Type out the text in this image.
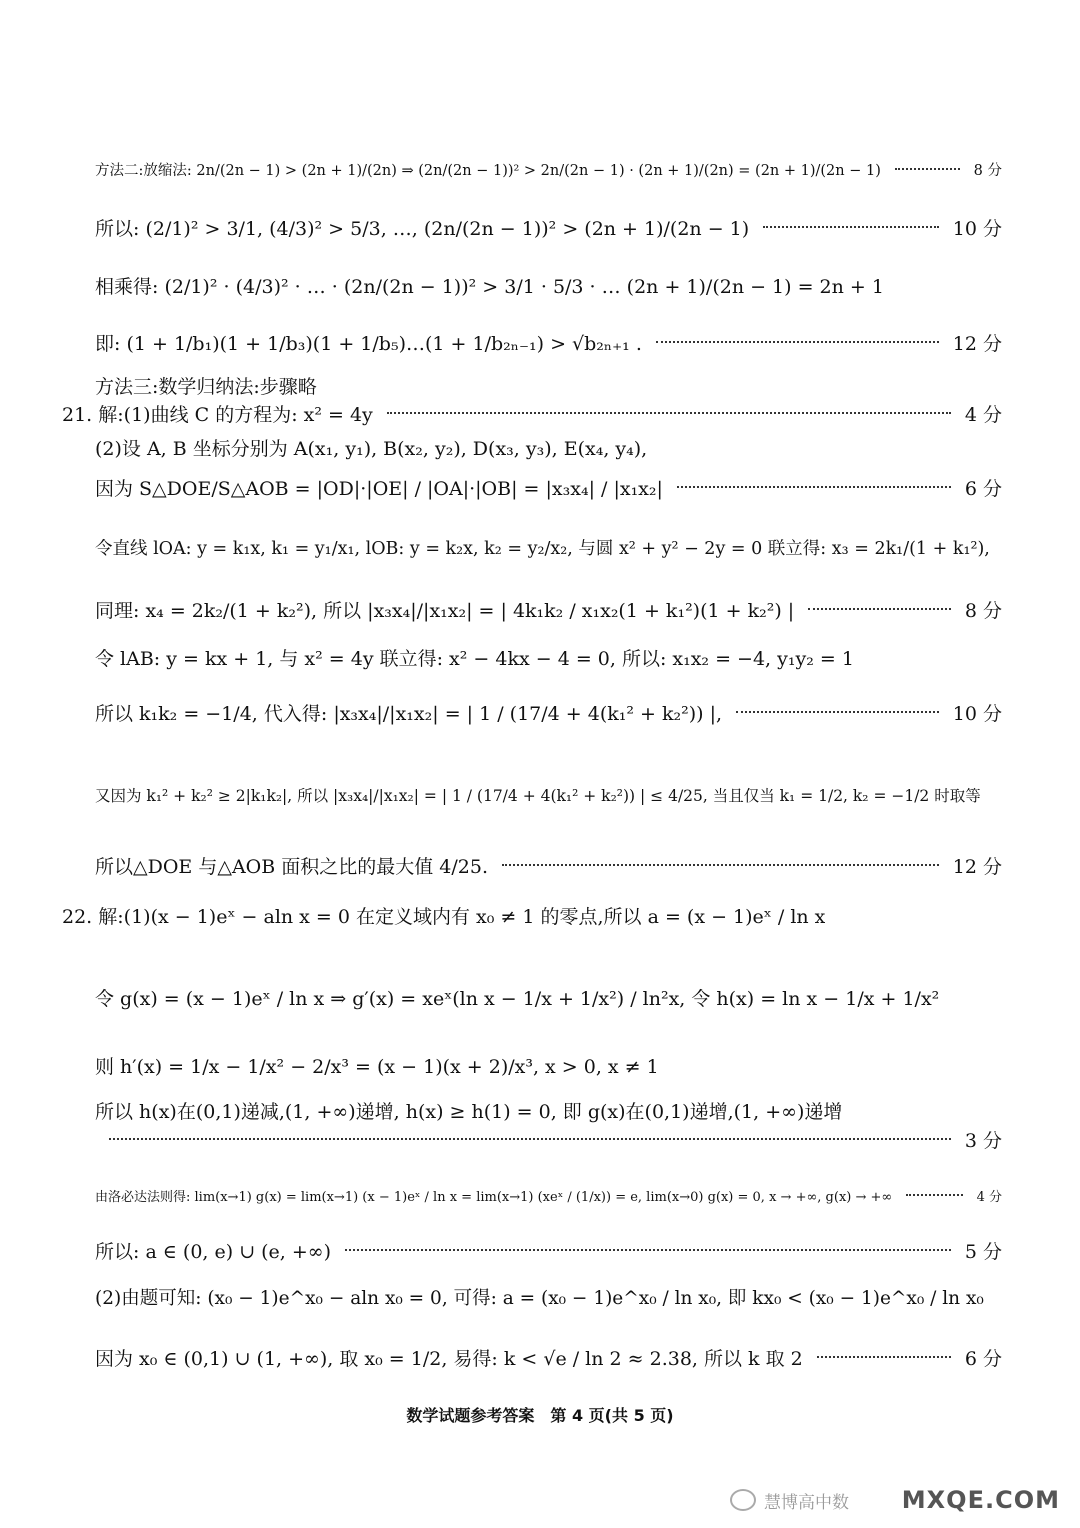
方法二:放缩法: 2n/(2n − 1) > (2n + 1)/(2n) ⇒ (2n/(2n − 1))² > 2n/(2n − 1) · (2n + 1)/(2n) = (2n + 1)/(2n − 1)	8 分
所以: (2/1)² > 3/1, (4/3)² > 5/3, …, (2n/(2n − 1))² > (2n + 1)/(2n − 1)	10 分
相乘得: (2/1)² · (4/3)² · … · (2n/(2n − 1))² > 3/1 · 5/3 · … (2n + 1)/(2n − 1) = 2n + 1
即: (1 + 1/b₁)(1 + 1/b₃)(1 + 1/b₅)…(1 + 1/b₂ₙ₋₁) > √b₂ₙ₊₁ .	12 分
方法三:数学归纳法:步骤略
21. 解:(1)曲线 C 的方程为: x² = 4y	4 分
(2)设 A, B 坐标分别为 A(x₁, y₁), B(x₂, y₂), D(x₃, y₃), E(x₄, y₄),
因为 S△DOE/S△AOB = |OD|·|OE| / |OA|·|OB| = |x₃x₄| / |x₁x₂|	6 分
令直线 lOA: y = k₁x, k₁ = y₁/x₁, lOB: y = k₂x, k₂ = y₂/x₂, 与圆 x² + y² − 2y = 0 联立得: x₃ = 2k₁/(1 + k₁²),
同理: x₄ = 2k₂/(1 + k₂²), 所以 |x₃x₄|/|x₁x₂| = | 4k₁k₂ / x₁x₂(1 + k₁²)(1 + k₂²) |	8 分
令 lAB: y = kx + 1, 与 x² = 4y 联立得: x² − 4kx − 4 = 0, 所以: x₁x₂ = −4, y₁y₂ = 1
所以 k₁k₂ = −1/4, 代入得: |x₃x₄|/|x₁x₂| = | 1 / (17/4 + 4(k₁² + k₂²)) |,	10 分
又因为 k₁² + k₂² ≥ 2|k₁k₂|, 所以 |x₃x₄|/|x₁x₂| = | 1 / (17/4 + 4(k₁² + k₂²)) | ≤ 4/25, 当且仅当 k₁ = 1/2, k₂ = −1/2 时取等
所以△DOE 与△AOB 面积之比的最大值 4/25.	12 分
22. 解:(1)(x − 1)eˣ − aln x = 0 在定义域内有 x₀ ≠ 1 的零点,所以 a = (x − 1)eˣ / ln x
令 g(x) = (x − 1)eˣ / ln x ⇒ g′(x) = xeˣ(ln x − 1/x + 1/x²) / ln²x, 令 h(x) = ln x − 1/x + 1/x²
则 h′(x) = 1/x − 1/x² − 2/x³ = (x − 1)(x + 2)/x³, x > 0, x ≠ 1
所以 h(x)在(0,1)递减,(1, +∞)递增, h(x) ≥ h(1) = 0, 即 g(x)在(0,1)递增,(1, +∞)递增
3 分
由洛必达法则得: lim(x→1) g(x) = lim(x→1) (x − 1)eˣ / ln x = lim(x→1) (xeˣ / (1/x)) = e, lim(x→0) g(x) = 0, x → +∞, g(x) → +∞	4 分
所以: a ∈ (0, e) ∪ (e, +∞)	5 分
(2)由题可知: (x₀ − 1)e^x₀ − aln x₀ = 0, 可得: a = (x₀ − 1)e^x₀ / ln x₀, 即 kx₀ < (x₀ − 1)e^x₀ / ln x₀
因为 x₀ ∈ (0,1) ∪ (1, +∞), 取 x₀ = 1/2, 易得: k < √e / ln 2 ≈ 2.38, 所以 k 取 2	6 分
数学试题参考答案　第 4 页(共 5 页)
慧博高中数 MXQE.COM
